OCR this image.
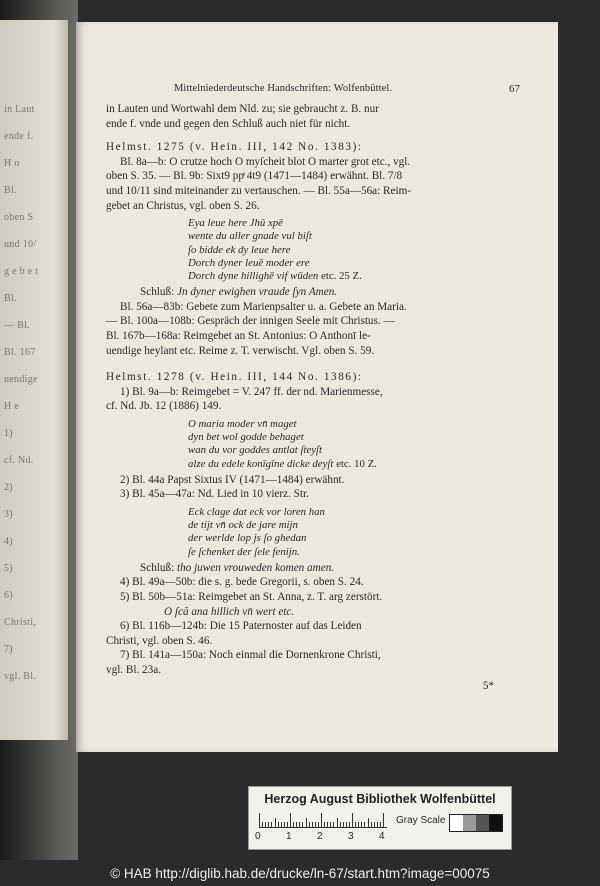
in Laut
ende f.
H o
Bl.
oben S
und 10/
g e b e t
Bl.
— Bl.
Bl. 167
uendige
H e
1)
cf. Nd.
2)
3)
4)
5)
6)
Christi,
7)
vgl. Bl.
Mittelniederdeutsche Handschriften: Wolfenbüttel.	67

in Lauten und Wortwahl dem Nld. zu; sie gebraucht z. B. nur

ende f. vnde und gegen den Schluß auch niet für nicht.

Helmst. 1275 (v. Hein. III, 142 No. 1383):

Bl. 8a—b: O crutze hoch O myſcheit blot O marter grot etc., vgl.

oben S. 35. — Bl. 9b: Sixt9 ppͤ 4t9 (1471—1484) erwähnt. Bl. 7/8

und 10/11 sind miteinander zu vertauschen. — Bl. 55a—56a: Reim-

gebet an Christus, vgl. oben S. 26.

Eya leue here Jhū xpē
wente du aller gnade vul biſt
ſo bidde ek dy leue here
Dorch dyner leuē moder ere
Dorch dyne hillighē vif wūden etc. 25 Z.

Schluß: Jn dyner ewighen vraude ſyn Amen.

Bl. 56a—83b: Gebete zum Marienpsalter u. a. Gebete an Maria.

— Bl. 100a—108b: Gespräch der innigen Seele mit Christus. —

Bl. 167b—168a: Reimgebet an St. Antonius: O Anthonī le-

uendige heylant etc. Reime z. T. verwischt. Vgl. oben S. 59.

Helmst. 1278 (v. Hein. III, 144 No. 1386):

1) Bl. 9a—b: Reimgebet = V. 247 ff. der nd. Marienmesse,

cf. Nd. Jb. 12 (1886) 149.

O maria moder vn̄ maget
dyn bet wol godde behaget
wan du vor goddes antlat ſteyſt
alze du edele konīgīne dicke deyſt etc. 10 Z.

2) Bl. 44a Papst Sixtus IV (1471—1484) erwähnt.

3) Bl. 45a—47a: Nd. Lied in 10 vierz. Str.

Eck clage dat eck vor loren han
de tijt vn̄ ock de jare mijn
der werlde lop js ſo ghedan
ſe ſchenket der ſele fenijn.

Schluß: tho juwen vrouweden komen amen.

4) Bl. 49a—50b: die s. g. bede Gregorii, s. oben S. 24.

5) Bl. 50b—51a: Reimgebet an St. Anna, z. T. arg zerstört.

O ſcā ana hillich vn̄ wert etc.

6) Bl. 116b—124b: Die 15 Paternoster auf das Leiden

Christi, vgl. oben S. 46.

7) Bl. 141a—150a: Noch einmal die Dornenkrone Christi,

vgl. Bl. 23a.

5*

Herzog August Bibliothek Wolfenbüttel
0	1	2	3	4
Gray Scale
© HAB http://diglib.hab.de/drucke/ln-67/start.htm?image=00075
